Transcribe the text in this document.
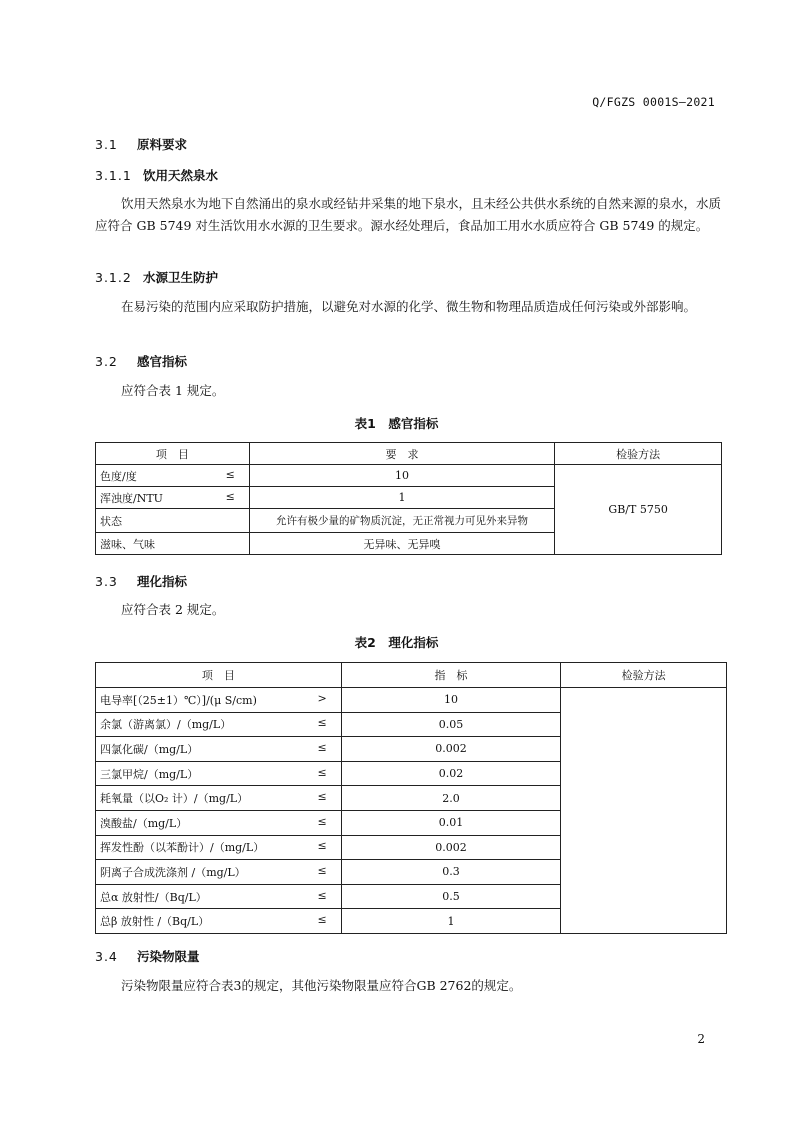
Q/FGZS 0001S—2021
3.1 原料要求
3.1.1 饮用天然泉水
饮用天然泉水为地下自然涌出的泉水或经钻井采集的地下泉水，且未经公共供水系统的自然来源的泉水，水质应符合 GB 5749 对生活饮用水水源的卫生要求。源水经处理后，食品加工用水水质应符合 GB 5749 的规定。
3.1.2 水源卫生防护
在易污染的范围内应采取防护措施，以避免对水源的化学、微生物和物理品质造成任何污染或外部影响。
3.2 感官指标
应符合表 1 规定。
表1　感官指标
项　目	要　求	检验方法

色度/度 ≤	10	GB/T 5750

浑浊度/NTU ≤	1	

状态	允许有极少量的矿物质沉淀，无正常视力可见外来异物	

滋味、气味	无异味、无异嗅	
3.3 理化指标
应符合表 2 规定。
表2　理化指标
项　目	指　标	检验方法

电导率[（25±1）℃）]/(μ S/cm) >	10	

余氯（游离氯）/（mg/L） ≤	0.05	

四氯化碳/（mg/L） ≤	0.002	

三氯甲烷/（mg/L） ≤	0.02	

耗氧量（以O₂ 计）/（mg/L） ≤	2.0	

溴酸盐/（mg/L） ≤	0.01	

挥发性酚（以苯酚计）/（mg/L） ≤	0.002	

阴离子合成洗涤剂 /（mg/L） ≤	0.3	

总α 放射性/（Bq/L） ≤	0.5	

总β 放射性 /（Bq/L） ≤	1	
3.4 污染物限量
污染物限量应符合表3的规定，其他污染物限量应符合GB 2762的规定。
2
